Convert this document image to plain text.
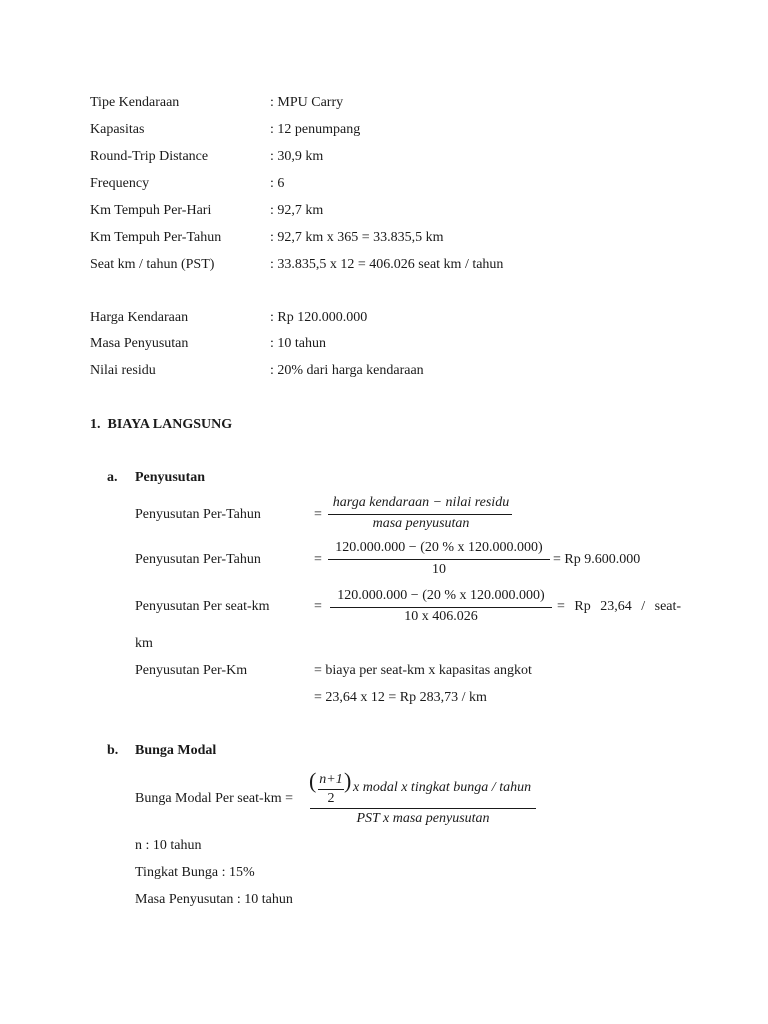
Tipe Kendaraan	: MPU Carry
Kapasitas	: 12 penumpang
Round-Trip Distance	: 30,9 km
Frequency	: 6
Km Tempuh Per-Hari	: 92,7 km
Km Tempuh Per-Tahun	: 92,7 km x 365 = 33.835,5 km
Seat km / tahun (PST)	: 33.835,5 x 12 = 406.026 seat km / tahun
Harga Kendaraan	: Rp 120.000.000
Masa Penyusutan	: 10 tahun
Nilai residu	: 20% dari harga kendaraan
1.  BIAYA LANGSUNG
a. Penyusutan
Penyusutan Per-Tahun	=
harga kendaraan − nilai residu
masa penyusutan
Penyusutan Per-Tahun	=
120.000.000 − (20 % x 120.000.000)
10
= Rp 9.600.000
Penyusutan Per seat-km	=
120.000.000 − (20 % x 120.000.000)
10 x 406.026
= Rp 23,64 / seat-
km
Penyusutan Per-Km	= biaya per seat-km x kapasitas angkot
= 23,64 x 12 = Rp 283,73 / km
b. Bunga Modal
Bunga Modal Per seat-km =
( n+1
2
) x modal x tingkat bunga / tahun
PST x masa penyusutan
n : 10 tahun
Tingkat Bunga : 15%
Masa Penyusutan : 10 tahun
